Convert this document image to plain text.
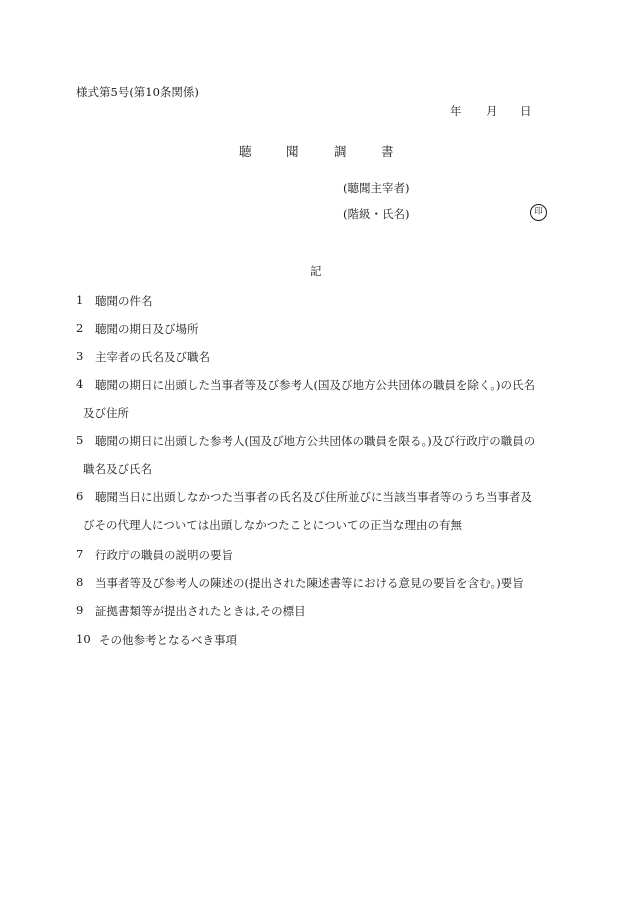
様式第5号(第10条関係)
年 月 日
聴	聞	調	書
(聴聞主宰者)
(階級・氏名)	印
記
1 聴聞の件名
2 聴聞の期日及び場所
3 主宰者の氏名及び職名
4 聴聞の期日に出頭した当事者等及び参考人(国及び地方公共団体の職員を除く。)の氏名
及び住所
5 聴聞の期日に出頭した参考人(国及び地方公共団体の職員を限る。)及び行政庁の職員の
職名及び氏名
6 聴聞当日に出頭しなかつた当事者の氏名及び住所並びに当該当事者等のうち当事者及
びその代理人については出頭しなかつたことについての正当な理由の有無
7 行政庁の職員の説明の要旨
8 当事者等及び参考人の陳述の(提出された陳述書等における意見の要旨を含む。)要旨
9 証拠書類等が提出されたときは,その標目
10 その他参考となるべき事項
